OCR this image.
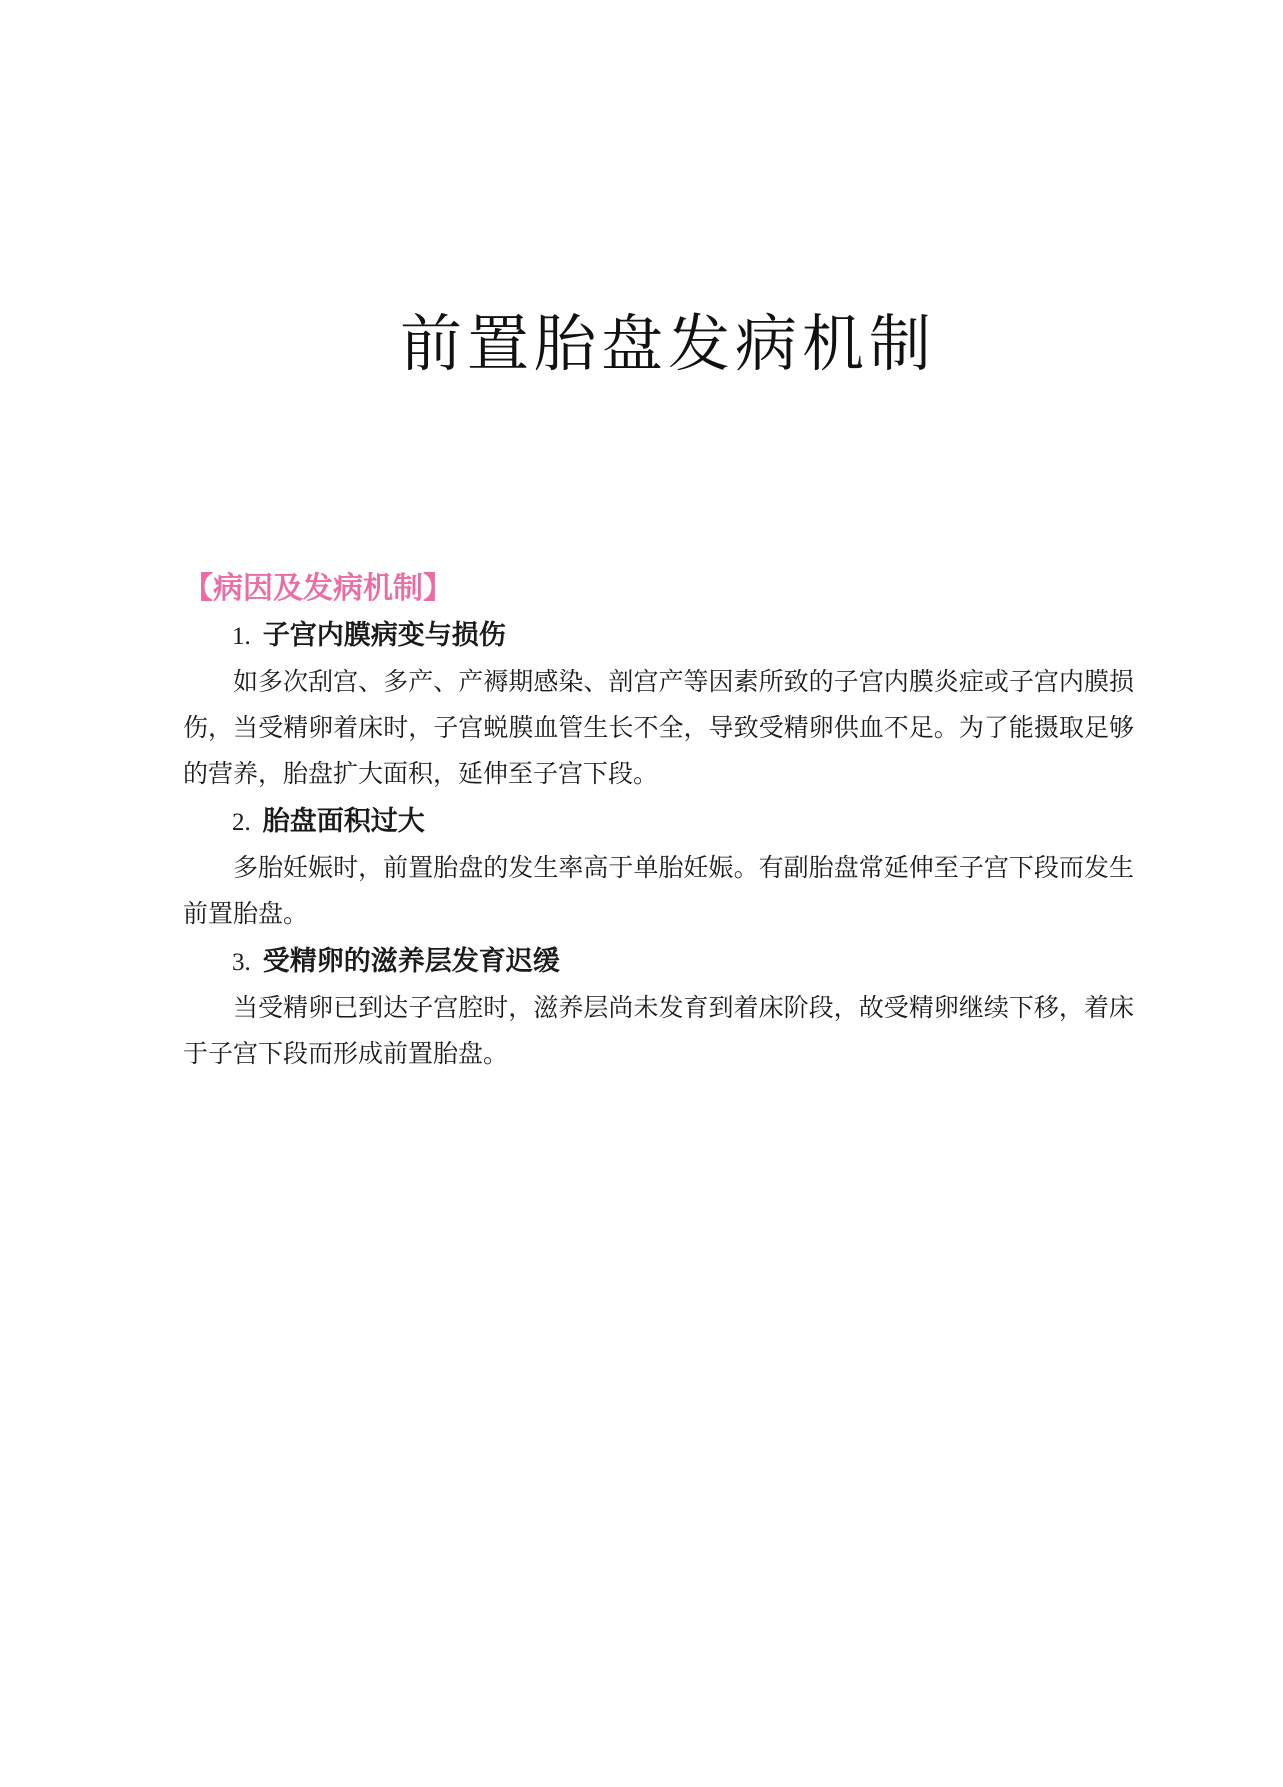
前置胎盘发病机制
【病因及发病机制】
1. 子宫内膜病变与损伤

如多次刮宫、多产、产褥期感染、剖宫产等因素所致的子宫内膜炎症或子宫内膜损伤，当受精卵着床时，子宫蜕膜血管生长不全，导致受精卵供血不足。为了能摄取足够的营养，胎盘扩大面积，延伸至子宫下段。

2. 胎盘面积过大

多胎妊娠时，前置胎盘的发生率高于单胎妊娠。有副胎盘常延伸至子宫下段而发生前置胎盘。

3. 受精卵的滋养层发育迟缓

当受精卵已到达子宫腔时，滋养层尚未发育到着床阶段，故受精卵继续下移，着床于子宫下段而形成前置胎盘。
